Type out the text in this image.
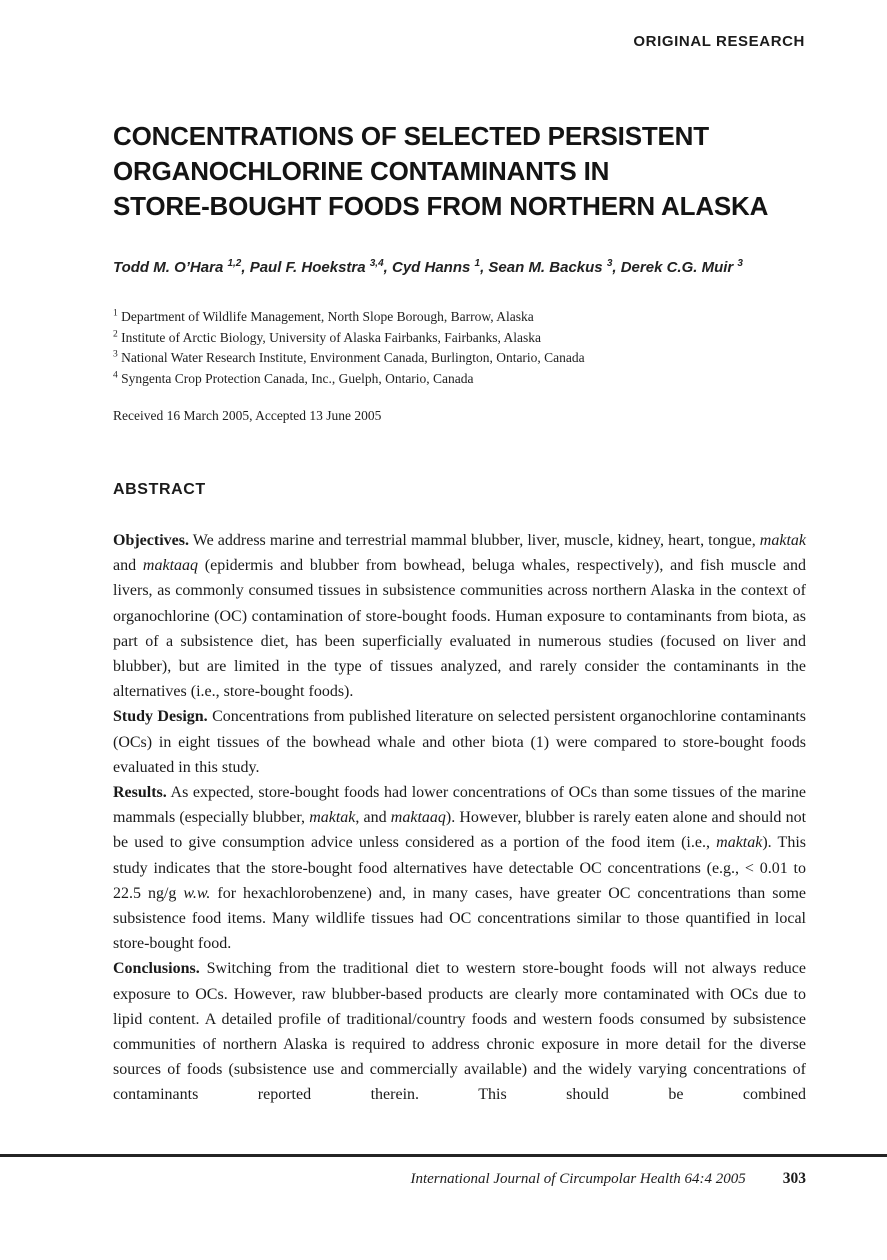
ORIGINAL RESEARCH
CONCENTRATIONS OF SELECTED PERSISTENT
ORGANOCHLORINE CONTAMINANTS IN
STORE-BOUGHT FOODS FROM NORTHERN ALASKA
Todd M. O’Hara $^{1,2}$, Paul F. Hoekstra $^{3,4}$, Cyd Hanns $^1$, Sean M. Backus $^3$, Derek C.G. Muir $^3$
$^1$ Department of Wildlife Management, North Slope Borough, Barrow, Alaska
$^2$ Institute of Arctic Biology, University of Alaska Fairbanks, Fairbanks, Alaska
$^3$ National Water Research Institute, Environment Canada, Burlington, Ontario, Canada
$^4$ Syngenta Crop Protection Canada, Inc., Guelph, Ontario, Canada
Received 16 March 2005, Accepted 13 June 2005
ABSTRACT

Objectives. We address marine and terrestrial mammal blubber, liver, muscle, kidney, heart, tongue, maktak and maktaaq (epidermis and blubber from bowhead, beluga whales, respectively), and fish muscle and livers, as commonly consumed tissues in subsistence communities across northern Alaska in the context of organochlorine (OC) contamination of store-bought foods. Human exposure to contaminants from biota, as part of a subsistence diet, has been superficially evaluated in numerous studies (focused on liver and blubber), but are limited in the type of tissues analyzed, and rarely consider the contaminants in the alternatives (i.e., store-bought foods).

Study Design. Concentrations from published literature on selected persistent organochlorine contaminants (OCs) in eight tissues of the bowhead whale and other biota (1) were compared to store-bought foods evaluated in this study.

Results. As expected, store-bought foods had lower concentrations of OCs than some tissues of the marine mammals (especially blubber, maktak, and maktaaq). However, blubber is rarely eaten alone and should not be used to give consumption advice unless considered as a portion of the food item (i.e., maktak). This study indicates that the store-bought food alternatives have detectable OC concentrations (e.g., < 0.01 to 22.5 ng/g w.w. for hexachlorobenzene) and, in many cases, have greater OC concentrations than some subsistence food items. Many wildlife tissues had OC concentrations similar to those quantified in local store-bought food.

Conclusions. Switching from the traditional diet to western store-bought foods will not always reduce exposure to OCs. However, raw blubber-based products are clearly more contaminated with OCs due to lipid content. A detailed profile of traditional/country foods and western foods consumed by subsistence communities of northern Alaska is required to address chronic exposure in more detail for the diverse sources of foods (subsistence use and commercially available) and the widely varying concentrations of contaminants reported therein. This should be combined

International Journal of Circumpolar Health 64:4 2005 303
